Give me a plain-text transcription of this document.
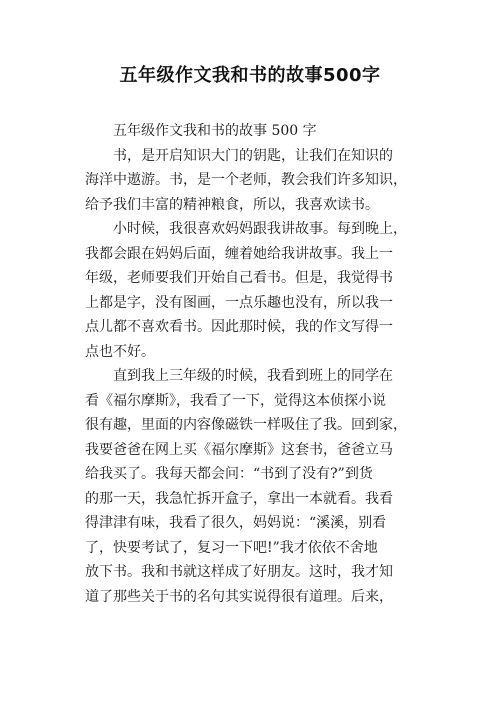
五年级作文我和书的故事500字
五年级作文我和书的故事 500 字
书，是开启知识大门的钥匙，让我们在知识的
海洋中遨游。书，是一个老师，教会我们许多知识，
给予我们丰富的精神粮食，所以，我喜欢读书。
小时候，我很喜欢妈妈跟我讲故事。每到晚上，
我都会跟在妈妈后面，缠着她给我讲故事。我上一
年级，老师要我们开始自己看书。但是，我觉得书
上都是字，没有图画，一点乐趣也没有，所以我一
点儿都不喜欢看书。因此那时候，我的作文写得一
点也不好。
直到我上三年级的时候，我看到班上的同学在
看《福尔摩斯》，我看了一下，觉得这本侦探小说
很有趣，里面的内容像磁铁一样吸住了我。回到家，
我要爸爸在网上买《福尔摩斯》这套书，爸爸立马
给我买了。我每天都会问：“书到了没有?”到货
的那一天，我急忙拆开盒子，拿出一本就看。我看
得津津有味，我看了很久，妈妈说：“溪溪，别看
了，快要考试了，复习一下吧!”我才依依不舍地
放下书。我和书就这样成了好朋友。这时，我才知
道了那些关于书的名句其实说得很有道理。后来，
